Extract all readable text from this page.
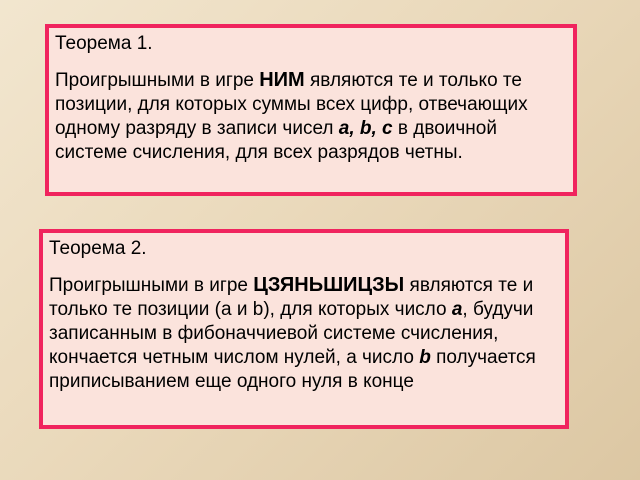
Теорема 1.

Проигрышными в игре НИМ являются те и только те позиции, для которых суммы всех цифр, отвечающих одному разряду в записи чисел a, b, c в двоичной системе счисления, для всех разрядов четны.

Теорема 2.

Проигрышными в игре ЦЗЯНЬШИЦЗЫ являются те и только те позиции (a и b), для которых число a, будучи записанным в фибоначчиевой системе счисления, кончается четным числом нулей, а число b получается приписыванием еще одного нуля в конце
